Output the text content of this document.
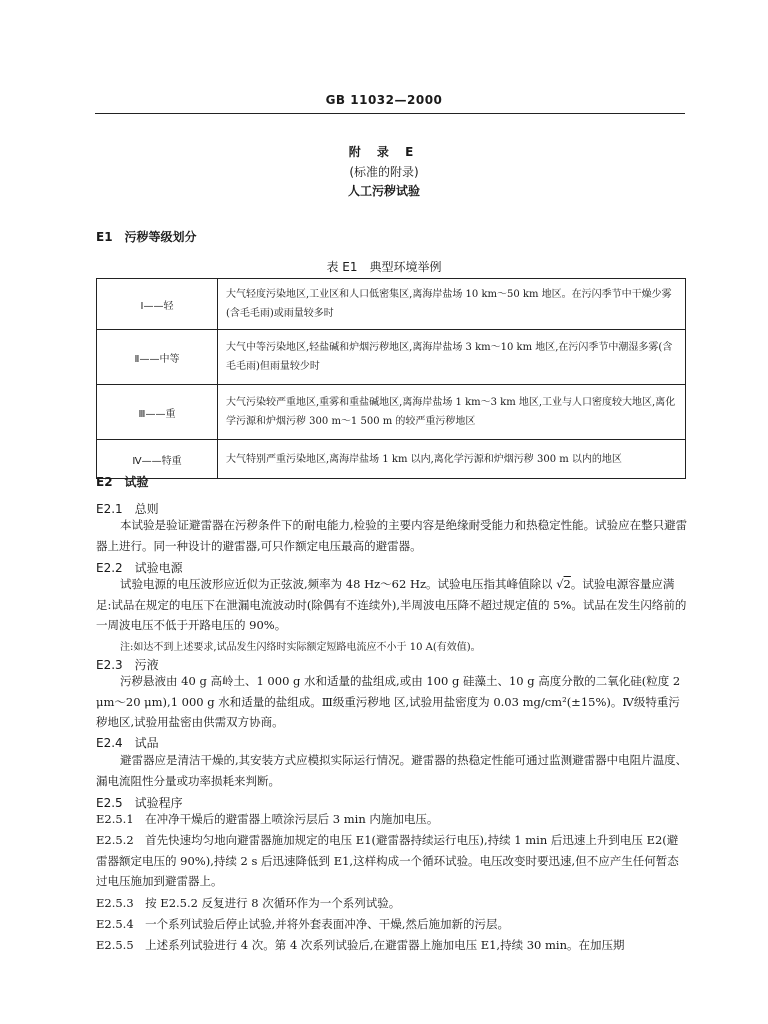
GB 11032—2000
附 录 E
(标准的附录)
人工污秽试验
E1　污秽等级划分
表 E1　典型环境举例
Ⅰ——轻	大气轻度污染地区,工业区和人口低密集区,离海岸盐场 10 km～50 km 地区。在污闪季节中干燥少雾(含毛毛雨)或雨量较多时
Ⅱ——中等	大气中等污染地区,轻盐碱和炉烟污秽地区,离海岸盐场 3 km～10 km 地区,在污闪季节中潮湿多雾(含毛毛雨)但雨量较少时
Ⅲ——重	大气污染较严重地区,重雾和重盐碱地区,离海岸盐场 1 km～3 km 地区,工业与人口密度较大地区,离化学污源和炉烟污秽 300 m～1 500 m 的较严重污秽地区
Ⅳ——特重	大气特别严重污染地区,离海岸盐场 1 km 以内,离化学污源和炉烟污秽 300 m 以内的地区
E2　试验
E2.1　总则

本试验是验证避雷器在污秽条件下的耐电能力,检验的主要内容是绝缘耐受能力和热稳定性能。试验应在整只避雷器上进行。同一种设计的避雷器,可只作额定电压最高的避雷器。

E2.2　试验电源

试验电源的电压波形应近似为正弦波,频率为 48 Hz～62 Hz。试验电压指其峰值除以 √2。试验电源容量应满足:试品在规定的电压下在泄漏电流波动时(除偶有不连续外),半周波电压降不超过规定值的 5%。试品在发生闪络前的一周波电压不低于开路电压的 90%。

注:如达不到上述要求,试品发生闪络时实际额定短路电流应不小于 10 A(有效值)。
E2.3　污液

污秽悬液由 40 g 高岭土、1 000 g 水和适量的盐组成,或由 100 g 硅藻土、10 g 高度分散的二氧化硅(粒度 2 μm～20 μm),1 000 g 水和适量的盐组成。Ⅲ级重污秽地 区,试验用盐密度为 0.03 mg/cm²(±15%)。Ⅳ级特重污秽地区,试验用盐密由供需双方协商。

E2.4　试品

避雷器应是清洁干燥的,其安装方式应模拟实际运行情况。避雷器的热稳定性能可通过监测避雷器中电阻片温度、漏电流阻性分量或功率损耗来判断。

E2.5　试验程序

E2.5.1　在冲净干燥后的避雷器上喷涂污层后 3 min 内施加电压。

E2.5.2　首先快速均匀地向避雷器施加规定的电压 E1(避雷器持续运行电压),持续 1 min 后迅速上升到电压 E2(避雷器额定电压的 90%),持续 2 s 后迅速降低到 E1,这样构成一个循环试验。电压改变时要迅速,但不应产生任何暂态过电压施加到避雷器上。

E2.5.3　按 E2.5.2 反复进行 8 次循环作为一个系列试验。

E2.5.4　一个系列试验后停止试验,并将外套表面冲净、干燥,然后施加新的污层。

E2.5.5　上述系列试验进行 4 次。第 4 次系列试验后,在避雷器上施加电压 E1,持续 30 min。在加压期
